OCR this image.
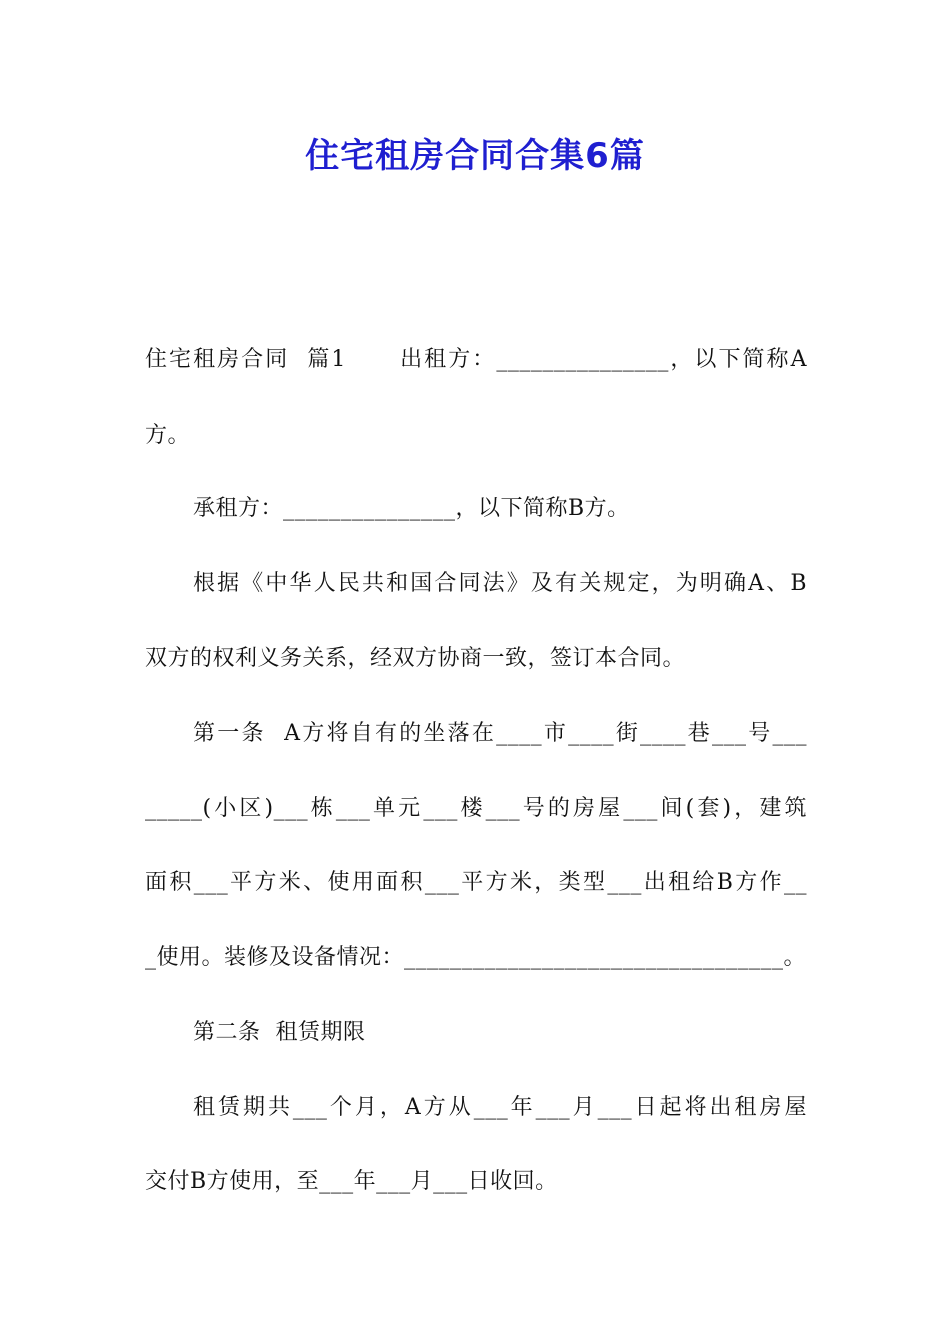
住宅租房合同合集6篇

住宅租房合同  篇1      出租方：_______________，以下简称A

方。

承租方：_______________，以下简称B方。

根据《中华人民共和国合同法》及有关规定，为明确A、B

双方的权利义务关系，经双方协商一致，签订本合同。

第一条  A方将自有的坐落在____市____街____巷___号___

_____(小区)___栋___单元___楼___号的房屋___间(套)，建筑

面积___平方米、使用面积___平方米，类型___出租给B方作__

_使用。装修及设备情况：_________________________________。

第二条  租赁期限

租赁期共___个月，A方从___年___月___日起将出租房屋

交付B方使用，至___年___月___日收回。
